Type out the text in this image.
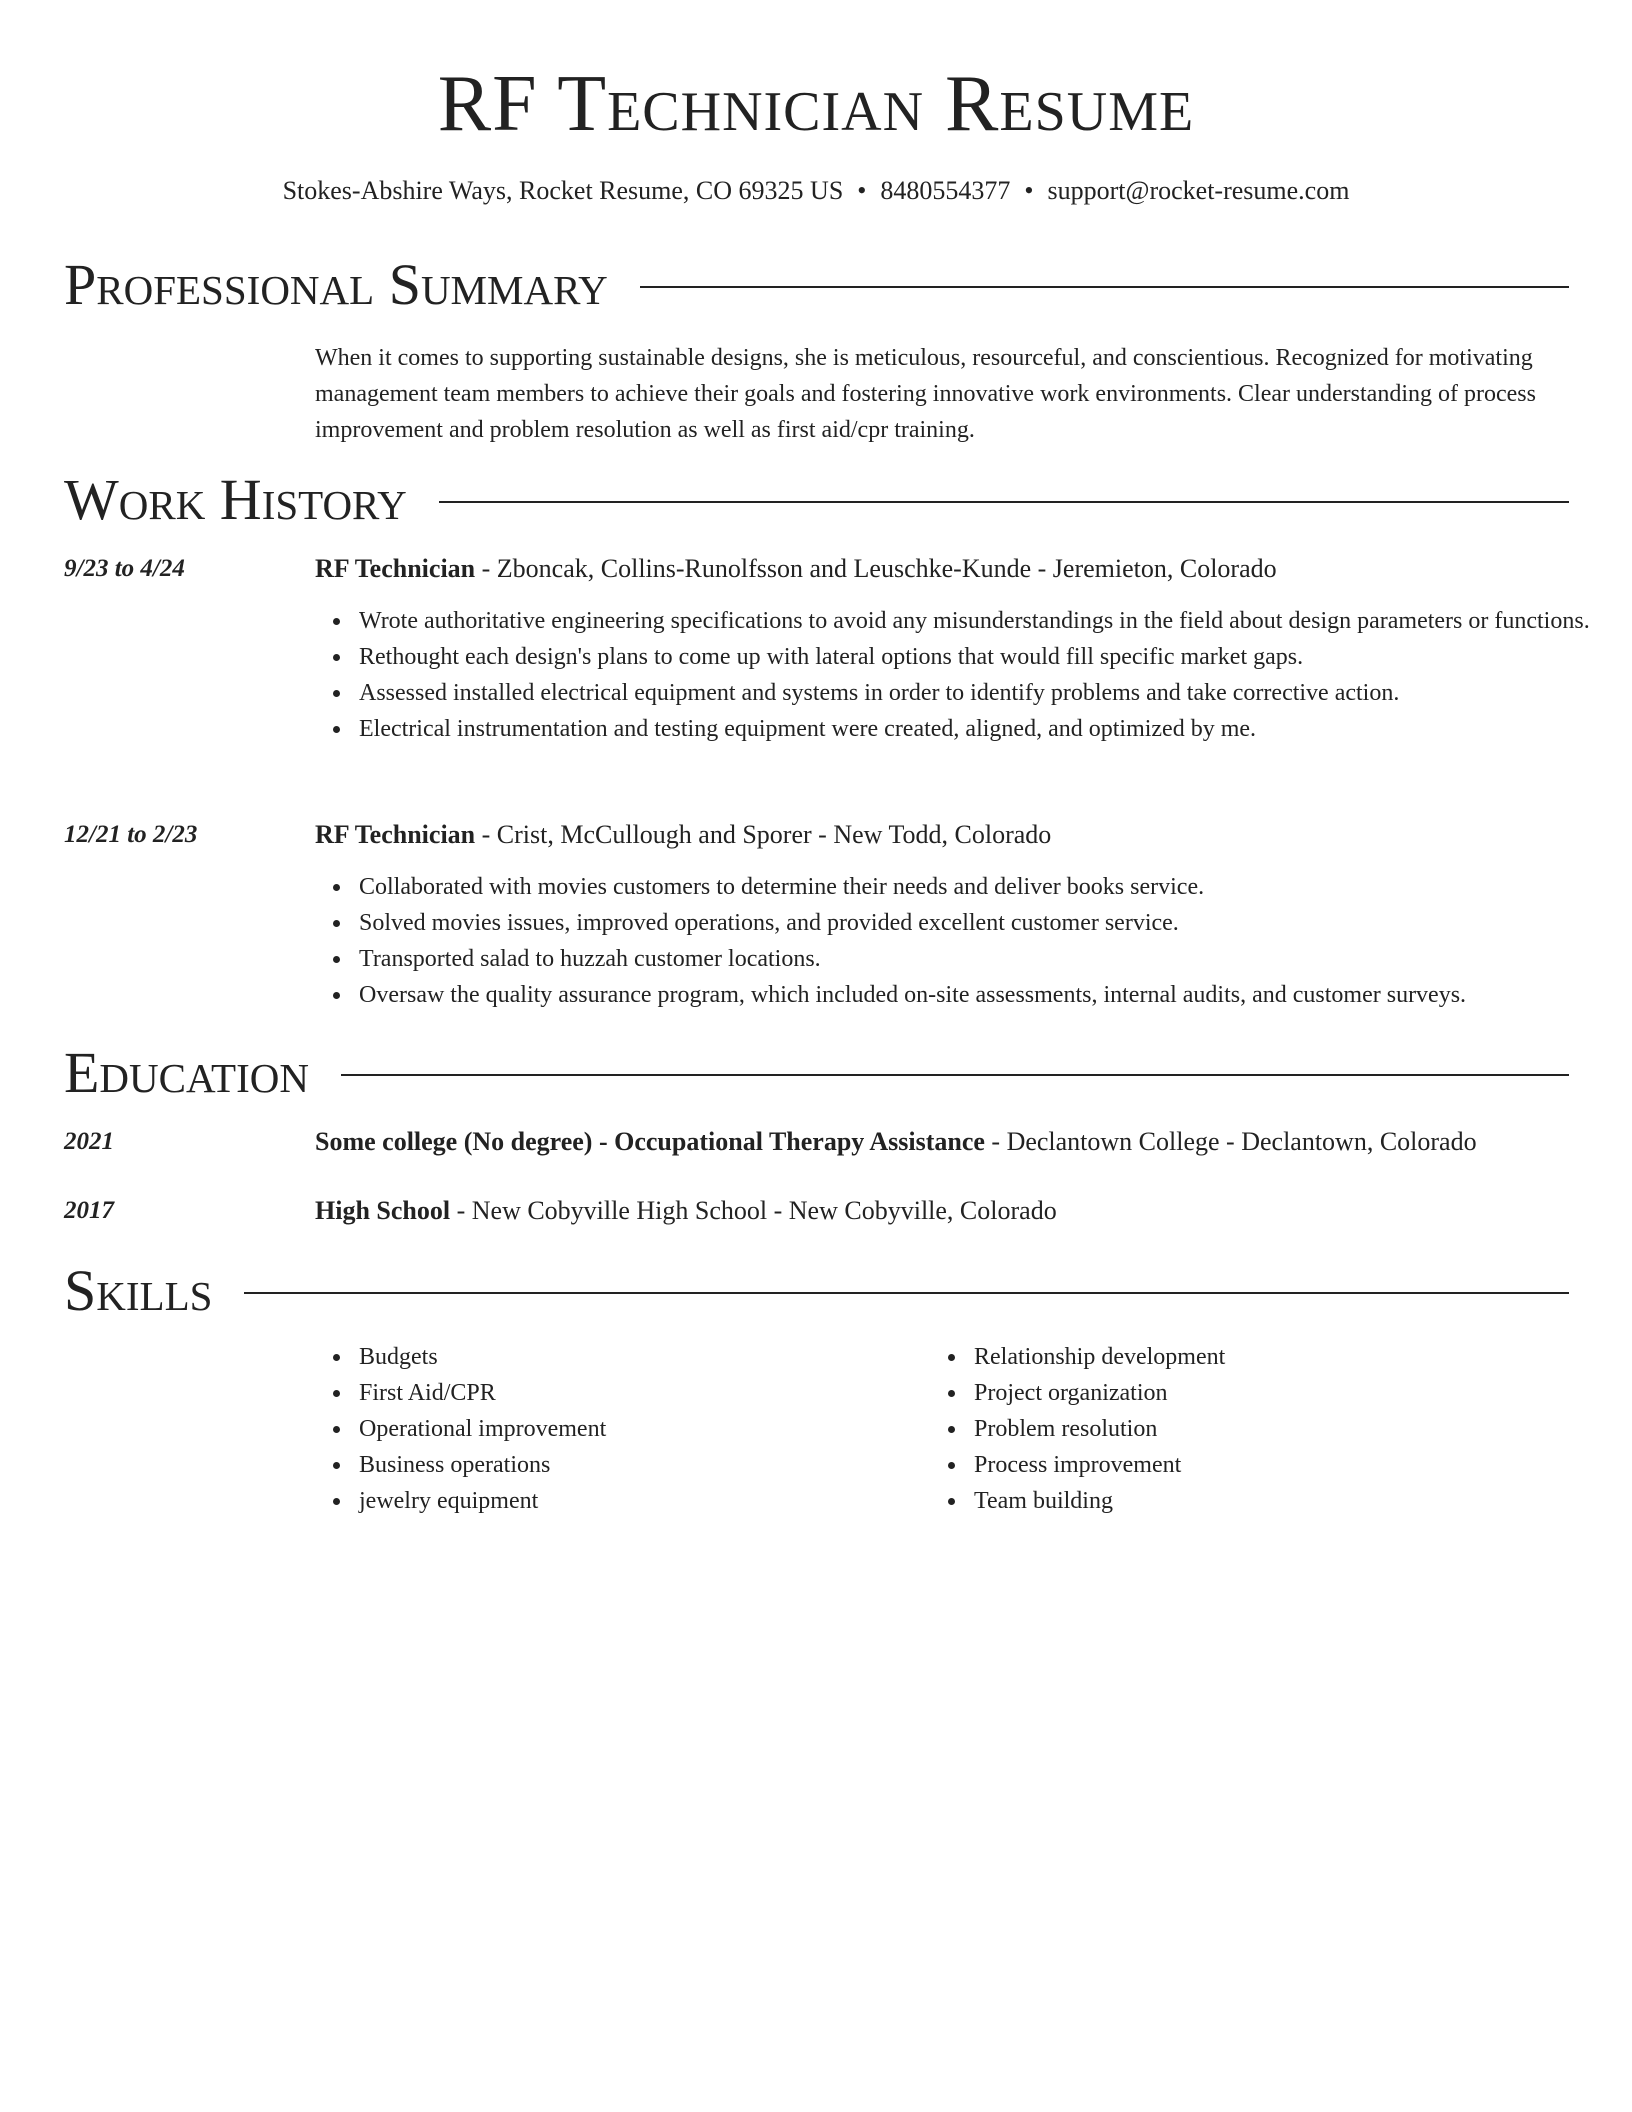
RF Technician Resume
Stokes-Abshire Ways, Rocket Resume, CO 69325 US • 8480554377 • support@rocket-resume.com
Professional Summary
When it comes to supporting sustainable designs, she is meticulous, resourceful, and conscientious. Recognized for motivating management team members to achieve their goals and fostering innovative work environments. Clear understanding of process improvement and problem resolution as well as first aid/cpr training.
Work History
9/23 to 4/24	RF Technician - Zboncak, Collins-Runolfsson and Leuschke-Kunde - Jeremieton, Colorado
Wrote authoritative engineering specifications to avoid any misunderstandings in the field about design parameters or functions.
Rethought each design's plans to come up with lateral options that would fill specific market gaps.
Assessed installed electrical equipment and systems in order to identify problems and take corrective action.
Electrical instrumentation and testing equipment were created, aligned, and optimized by me.
12/21 to 2/23	RF Technician - Crist, McCullough and Sporer - New Todd, Colorado
Collaborated with movies customers to determine their needs and deliver books service.
Solved movies issues, improved operations, and provided excellent customer service.
Transported salad to huzzah customer locations.
Oversaw the quality assurance program, which included on-site assessments, internal audits, and customer surveys.
Education
2021	Some college (No degree) - Occupational Therapy Assistance - Declantown College - Declantown, Colorado
2017	High School - New Cobyville High School - New Cobyville, Colorado
Skills
Budgets
First Aid/CPR
Operational improvement
Business operations
jewelry equipment
Relationship development
Project organization
Problem resolution
Process improvement
Team building
